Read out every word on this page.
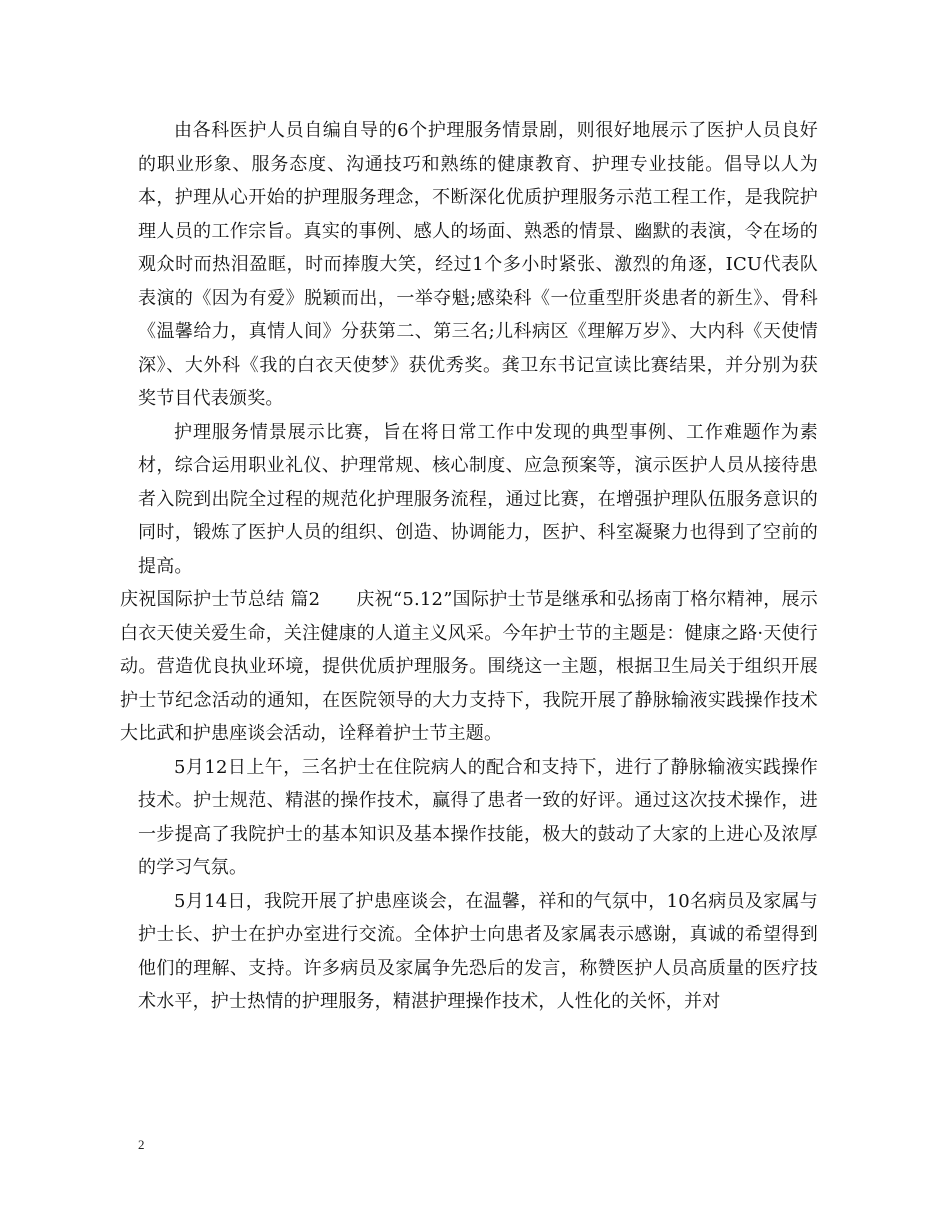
由各科医护人员自编自导的6个护理服务情景剧，则很好地展示了医护人员良好的职业形象、服务态度、沟通技巧和熟练的健康教育、护理专业技能。倡导以人为本，护理从心开始的护理服务理念，不断深化优质护理服务示范工程工作，是我院护理人员的工作宗旨。真实的事例、感人的场面、熟悉的情景、幽默的表演，令在场的观众时而热泪盈眶，时而捧腹大笑，经过1个多小时紧张、激烈的角逐，ICU代表队表演的《因为有爱》脱颖而出，一举夺魁;感染科《一位重型肝炎患者的新生》、骨科《温馨给力，真情人间》分获第二、第三名;儿科病区《理解万岁》、大内科《天使情深》、大外科《我的白衣天使梦》获优秀奖。龚卫东书记宣读比赛结果，并分别为获奖节目代表颁奖。

护理服务情景展示比赛，旨在将日常工作中发现的典型事例、工作难题作为素材，综合运用职业礼仪、护理常规、核心制度、应急预案等，演示医护人员从接待患者入院到出院全过程的规范化护理服务流程，通过比赛，在增强护理队伍服务意识的同时，锻炼了医护人员的组织、创造、协调能力，医护、科室凝聚力也得到了空前的提高。

庆祝国际护士节总结 篇2 庆祝“5.12”国际护士节是继承和弘扬南丁格尔精神，展示白衣天使关爱生命，关注健康的人道主义风采。今年护士节的主题是：健康之路·天使行动。营造优良执业环境，提供优质护理服务。围绕这一主题，根据卫生局关于组织开展护士节纪念活动的通知，在医院领导的大力支持下，我院开展了静脉输液实践操作技术大比武和护患座谈会活动，诠释着护士节主题。

5月12日上午，三名护士在住院病人的配合和支持下，进行了静脉输液实践操作技术。护士规范、精湛的操作技术，赢得了患者一致的好评。通过这次技术操作，进一步提高了我院护士的基本知识及基本操作技能，极大的鼓动了大家的上进心及浓厚的学习气氛。

5月14日，我院开展了护患座谈会，在温馨，祥和的气氛中，10名病员及家属与护士长、护士在护办室进行交流。全体护士向患者及家属表示感谢，真诚的希望得到他们的理解、支持。许多病员及家属争先恐后的发言，称赞医护人员高质量的医疗技术水平，护士热情的护理服务，精湛护理操作技术，人性化的关怀，并对

2
